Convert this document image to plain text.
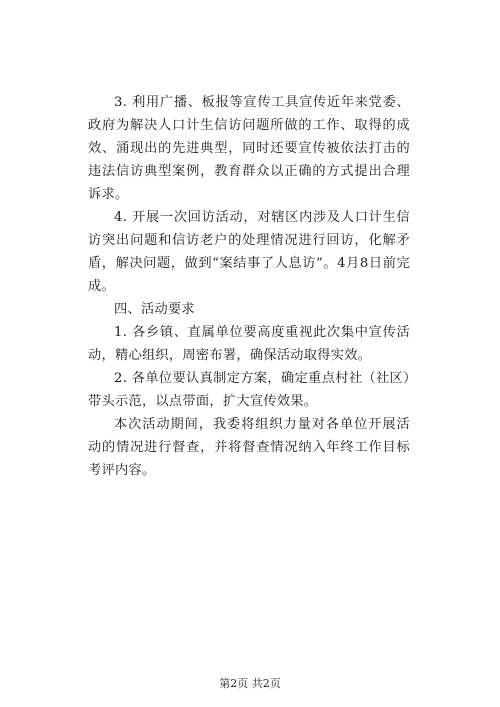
3. 利用广播、板报等宣传工具宣传近年来党委、政府为解决人口计生信访问题所做的工作、取得的成效、涌现出的先进典型，同时还要宣传被依法打击的违法信访典型案例，教育群众以正确的方式提出合理诉求。

4. 开展一次回访活动，对辖区内涉及人口计生信访突出问题和信访老户的处理情况进行回访，化解矛盾，解决问题，做到“案结事了人息访”。4月8日前完成。

四、活动要求

1. 各乡镇、直属单位要高度重视此次集中宣传活动，精心组织，周密布署，确保活动取得实效。

2. 各单位要认真制定方案，确定重点村社（社区）带头示范，以点带面，扩大宣传效果。

本次活动期间，我委将组织力量对各单位开展活动的情况进行督查，并将督查情况纳入年终工作目标考评内容。

第2页 共2页
